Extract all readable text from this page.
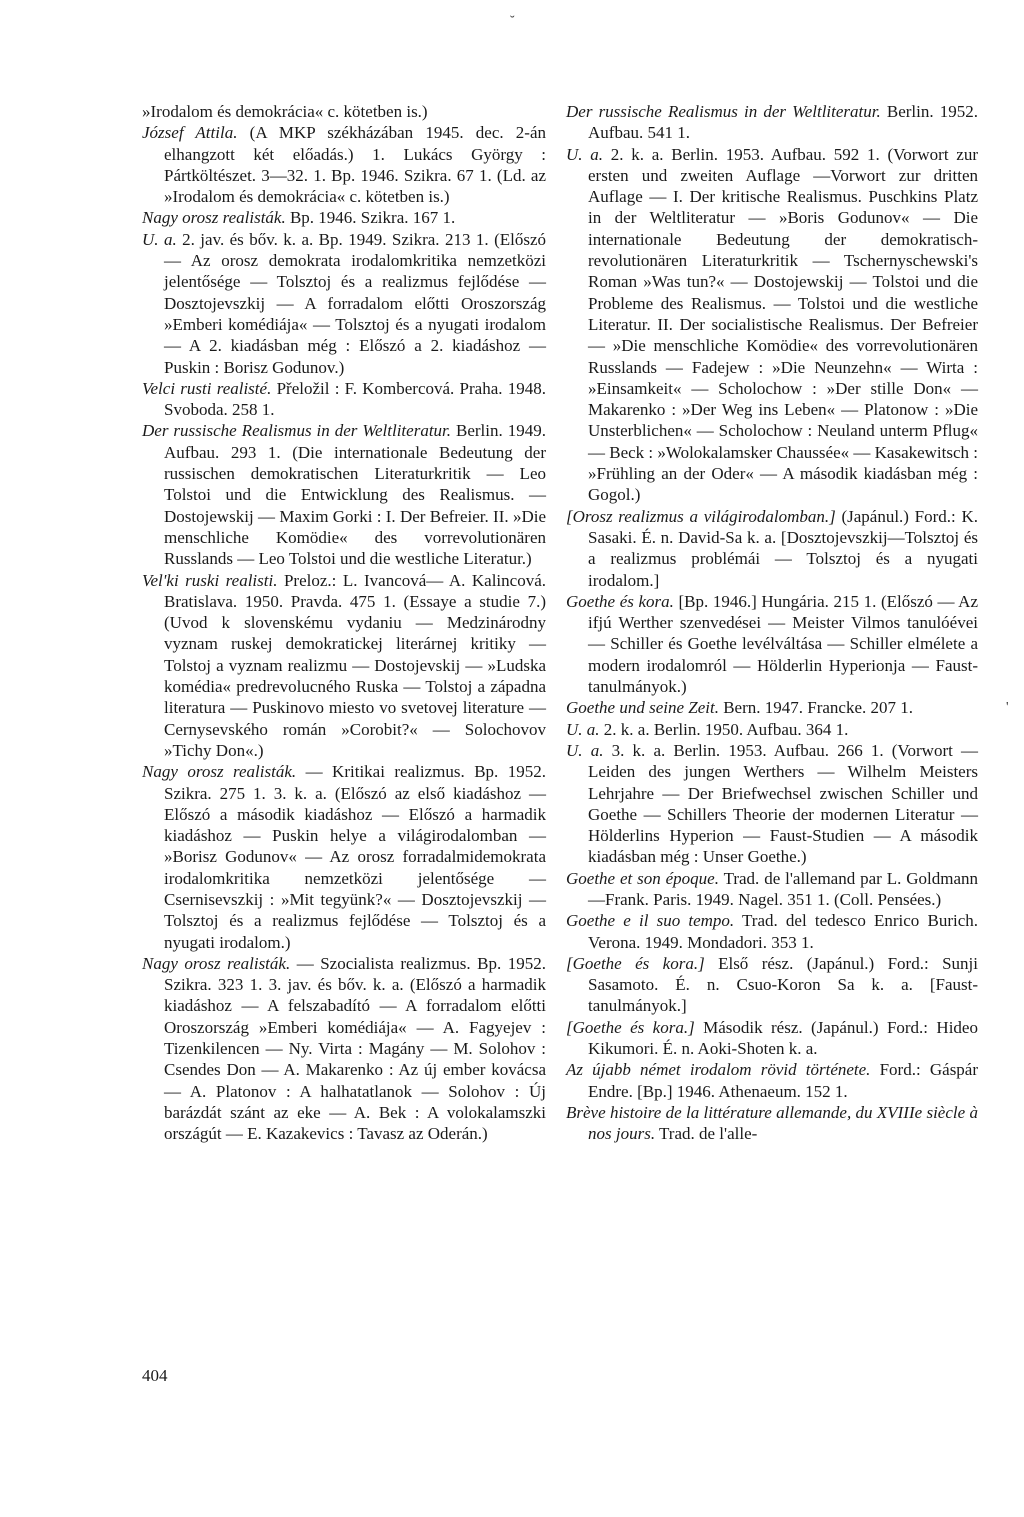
˘
'

»Irodalom és demokrácia« c. kötetben is.)

József Attila. (A MKP székházában 1945. dec. 2-án elhangzott két előadás.) 1. Lukács György : Pártköltészet. 3—32. 1. Bp. 1946. Szikra. 67 1. (Ld. az »Irodalom és demokrácia« c. kötetben is.)

Nagy orosz realisták. Bp. 1946. Szikra. 167 1.

U. a. 2. jav. és bőv. k. a. Bp. 1949. Szikra. 213 1. (Előszó — Az orosz demokrata irodalomkritika nemzetközi jelentősége — Tolsztoj és a realizmus fejlődése — Dosztojevszkij — A forradalom előtti Oroszország »Emberi komédiája« — Tolsztoj és a nyugati irodalom — A 2. kiadásban még : Előszó a 2. kiadáshoz — Puskin : Borisz Godunov.)

Velci rusti realisté. Přeložil : F. Kombercová. Praha. 1948. Svoboda. 258 1.

Der russische Realismus in der Weltliteratur. Berlin. 1949. Aufbau. 293 1. (Die internationale Bedeutung der russischen demokratischen Literaturkritik — Leo Tolstoi und die Entwicklung des Realismus. — Dostojewskij — Maxim Gorki : I. Der Befreier. II. »Die menschliche Komödie« des vorrevolutionären Russlands — Leo Tolstoi und die westliche Literatur.)

Vel'ki ruski realisti. Preloz.: L. Ivancová— A. Kalincová. Bratislava. 1950. Pravda. 475 1. (Essaye a studie 7.) (Uvod k slovenskému vydaniu — Medzinárodny vyznam ruskej demokratickej literárnej kritiky — Tolstoj a vyznam realizmu — Dostojevskij — »Ludska komédia« predrevolucného Ruska — Tolstoj a západna literatura — Puskinovo miesto vo svetovej literature — Cernysevského román »Corobit?« — Solochovov »Tichy Don«.)

Nagy orosz realisták. — Kritikai realizmus. Bp. 1952. Szikra. 275 1. 3. k. a. (Előszó az első kiadáshoz — Előszó a második kiadáshoz — Előszó a harmadik kiadáshoz — Puskin helye a világirodalomban — »Borisz Godunov« — Az orosz forradalmidemokrata irodalomkritika nemzetközi jelentősége — Csernisevszkij : »Mit tegyünk?« — Dosztojevszkij — Tolsztoj és a realizmus fejlődése — Tolsztoj és a nyugati irodalom.)

Nagy orosz realisták. — Szocialista realizmus. Bp. 1952. Szikra. 323 1. 3. jav. és bőv. k. a. (Előszó a harmadik kiadáshoz — A felszabadító — A forradalom előtti Oroszország »Emberi komédiája« — A. Fagyejev : Tizenkilencen — Ny. Virta : Magány — M. Solohov : Csendes Don — A. Makarenko : Az új ember kovácsa — A. Platonov : A halhatatlanok — Solohov : Új barázdát szánt az eke — A. Bek : A volokalamszki országút — E. Kazakevics : Tavasz az Oderán.)

Der russische Realismus in der Weltliteratur. Berlin. 1952. Aufbau. 541 1.

U. a. 2. k. a. Berlin. 1953. Aufbau. 592 1. (Vorwort zur ersten und zweiten Auflage —Vorwort zur dritten Auflage — I. Der kritische Realismus. Puschkins Platz in der Weltliteratur — »Boris Godunov« — Die internationale Bedeutung der demokratisch-revolutionären Literaturkritik — Tschernyschewski's Roman »Was tun?« — Dostojewskij — Tolstoi und die Probleme des Realismus. — Tolstoi und die westliche Literatur. II. Der socialistische Realismus. Der Befreier — »Die menschliche Komödie« des vorrevolutionären Russlands — Fadejew : »Die Neunzehn« — Wirta : »Einsamkeit« — Scholochow : »Der stille Don« — Makarenko : »Der Weg ins Leben« — Platonow : »Die Unsterblichen« — Scholochow : Neuland unterm Pflug« — Beck : »Wolokalamsker Chaussée« — Kasakewitsch : »Frühling an der Oder« — A második kiadásban még : Gogol.)

[Orosz realizmus a világirodalomban.] (Japánul.) Ford.: K. Sasaki. É. n. David-Sa k. a. [Dosztojevszkij—Tolsztoj és a realizmus problémái — Tolsztoj és a nyugati irodalom.]

Goethe és kora. [Bp. 1946.] Hungária. 215 1. (Előszó — Az ifjú Werther szenvedései — Meister Vilmos tanulóévei — Schiller és Goethe levélváltása — Schiller elmélete a modern irodalomról — Hölderlin Hyperionja — Faust-tanulmányok.)

Goethe und seine Zeit. Bern. 1947. Francke. 207 1.

U. a. 2. k. a. Berlin. 1950. Aufbau. 364 1.

U. a. 3. k. a. Berlin. 1953. Aufbau. 266 1. (Vorwort — Leiden des jungen Werthers — Wilhelm Meisters Lehrjahre — Der Briefwechsel zwischen Schiller und Goethe — Schillers Theorie der modernen Literatur — Hölderlins Hyperion — Faust-Studien — A második kiadásban még : Unser Goethe.)

Goethe et son époque. Trad. de l'allemand par L. Goldmann—Frank. Paris. 1949. Nagel. 351 1. (Coll. Pensées.)

Goethe e il suo tempo. Trad. del tedesco Enrico Burich. Verona. 1949. Mondadori. 353 1.

[Goethe és kora.] Első rész. (Japánul.) Ford.: Sunji Sasamoto. É. n. Csuo-Koron Sa k. a. [Faust-tanulmányok.]

[Goethe és kora.] Második rész. (Japánul.) Ford.: Hideo Kikumori. É. n. Aoki-Shoten k. a.

Az újabb német irodalom rövid története. Ford.: Gáspár Endre. [Bp.] 1946. Athenaeum. 152 1.

Brève histoire de la littérature allemande, du XVIIIe siècle à nos jours. Trad. de l'alle-

404
